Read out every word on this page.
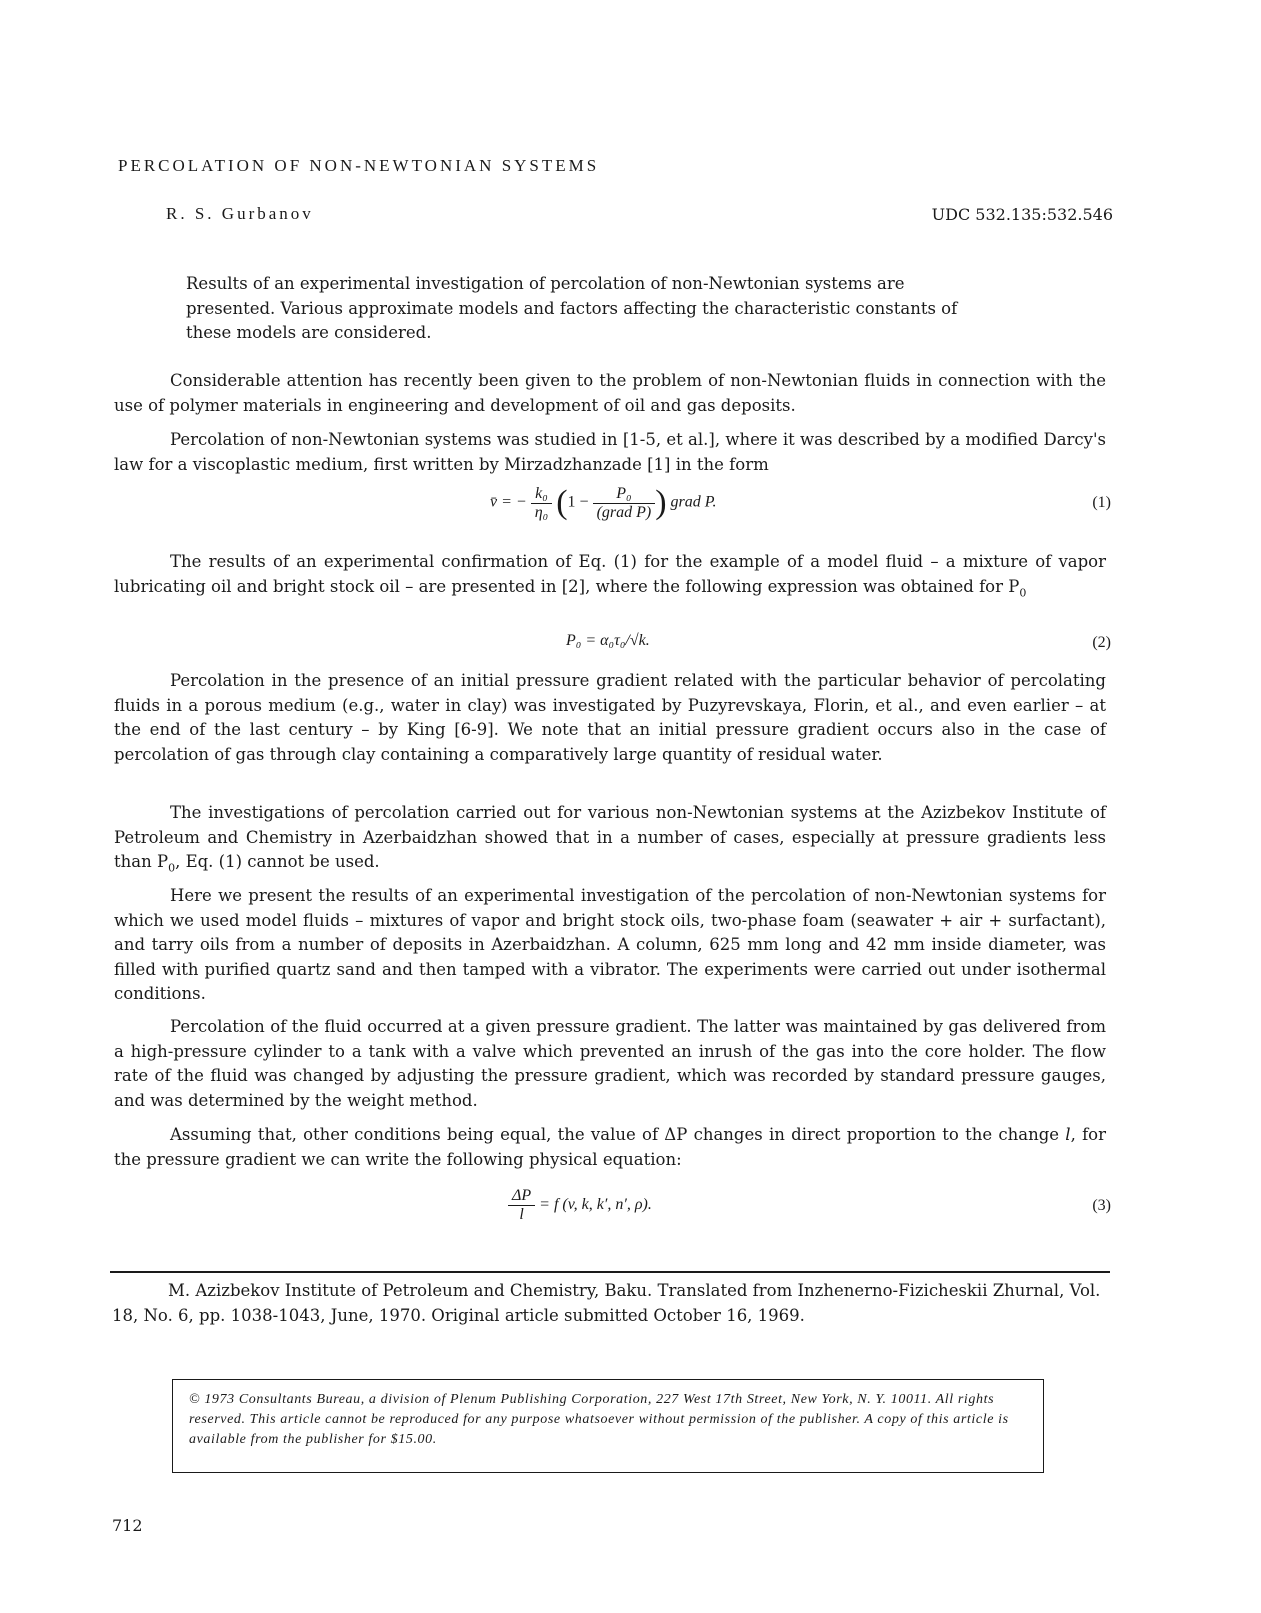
PERCOLATION OF NON-NEWTONIAN SYSTEMS
R. S. Gurbanov	UDC 532.135:532.546
Results of an experimental investigation of percolation of non-Newtonian systems are presented. Various approximate models and factors affecting the characteristic constants of these models are considered.

Considerable attention has recently been given to the problem of non-Newtonian fluids in connection with the use of polymer materials in engineering and development of oil and gas deposits.

Percolation of non-Newtonian systems was studied in [1-5, et al.], where it was described by a modified Darcy's law for a viscoplastic medium, first written by Mirzadzhanzade [1] in the form

v̄ = − $\frac{\text{k₀}}{\text{η₀}} (1 - \frac{\text{P₀}}{\text{(grad P)}}$ ) grad P.	(1)

The results of an experimental confirmation of Eq. (1) for the example of a model fluid – a mixture of vapor lubricating oil and bright stock oil – are presented in [2], where the following expression was obtained for $P_0$

P₀ = α₀τ₀/√k.	(2)

Percolation in the presence of an initial pressure gradient related with the particular behavior of percolating fluids in a porous medium (e.g., water in clay) was investigated by Puzyrevskaya, Florin, et al., and even earlier – at the end of the last century – by King [6-9]. We note that an initial pressure gradient occurs also in the case of percolation of gas through clay containing a comparatively large quantity of residual water.

The investigations of percolation carried out for various non-Newtonian systems at the Azizbekov Institute of Petroleum and Chemistry in Azerbaidzhan showed that in a number of cases, especially at pressure gradients less than $P_0$, Eq. (1) cannot be used.

Here we present the results of an experimental investigation of the percolation of non-Newtonian systems for which we used model fluids – mixtures of vapor and bright stock oils, two-phase foam (seawater + air + surfactant), and tarry oils from a number of deposits in Azerbaidzhan. A column, 625 mm long and 42 mm inside diameter, was filled with purified quartz sand and then tamped with a vibrator. The experiments were carried out under isothermal conditions.

Percolation of the fluid occurred at a given pressure gradient. The latter was maintained by gas delivered from a high-pressure cylinder to a tank with a valve which prevented an inrush of the gas into the core holder. The flow rate of the fluid was changed by adjusting the pressure gradient, which was recorded by standard pressure gauges, and was determined by the weight method.

Assuming that, other conditions being equal, the value of ΔP changes in direct proportion to the change l, for the pressure gradient we can write the following physical equation:

$\frac{\Delta P}{l} = f$ (v, k, k′, n′, ρ).	(3)
M. Azizbekov Institute of Petroleum and Chemistry, Baku. Translated from Inzhenerno-Fizicheskii Zhurnal, Vol. 18, No. 6, pp. 1038-1043, June, 1970. Original article submitted October 16, 1969.
© 1973 Consultants Bureau, a division of Plenum Publishing Corporation, 227 West 17th Street, New York, N. Y. 10011. All rights reserved. This article cannot be reproduced for any purpose whatsoever without permission of the publisher. A copy of this article is available from the publisher for $15.00.
712
